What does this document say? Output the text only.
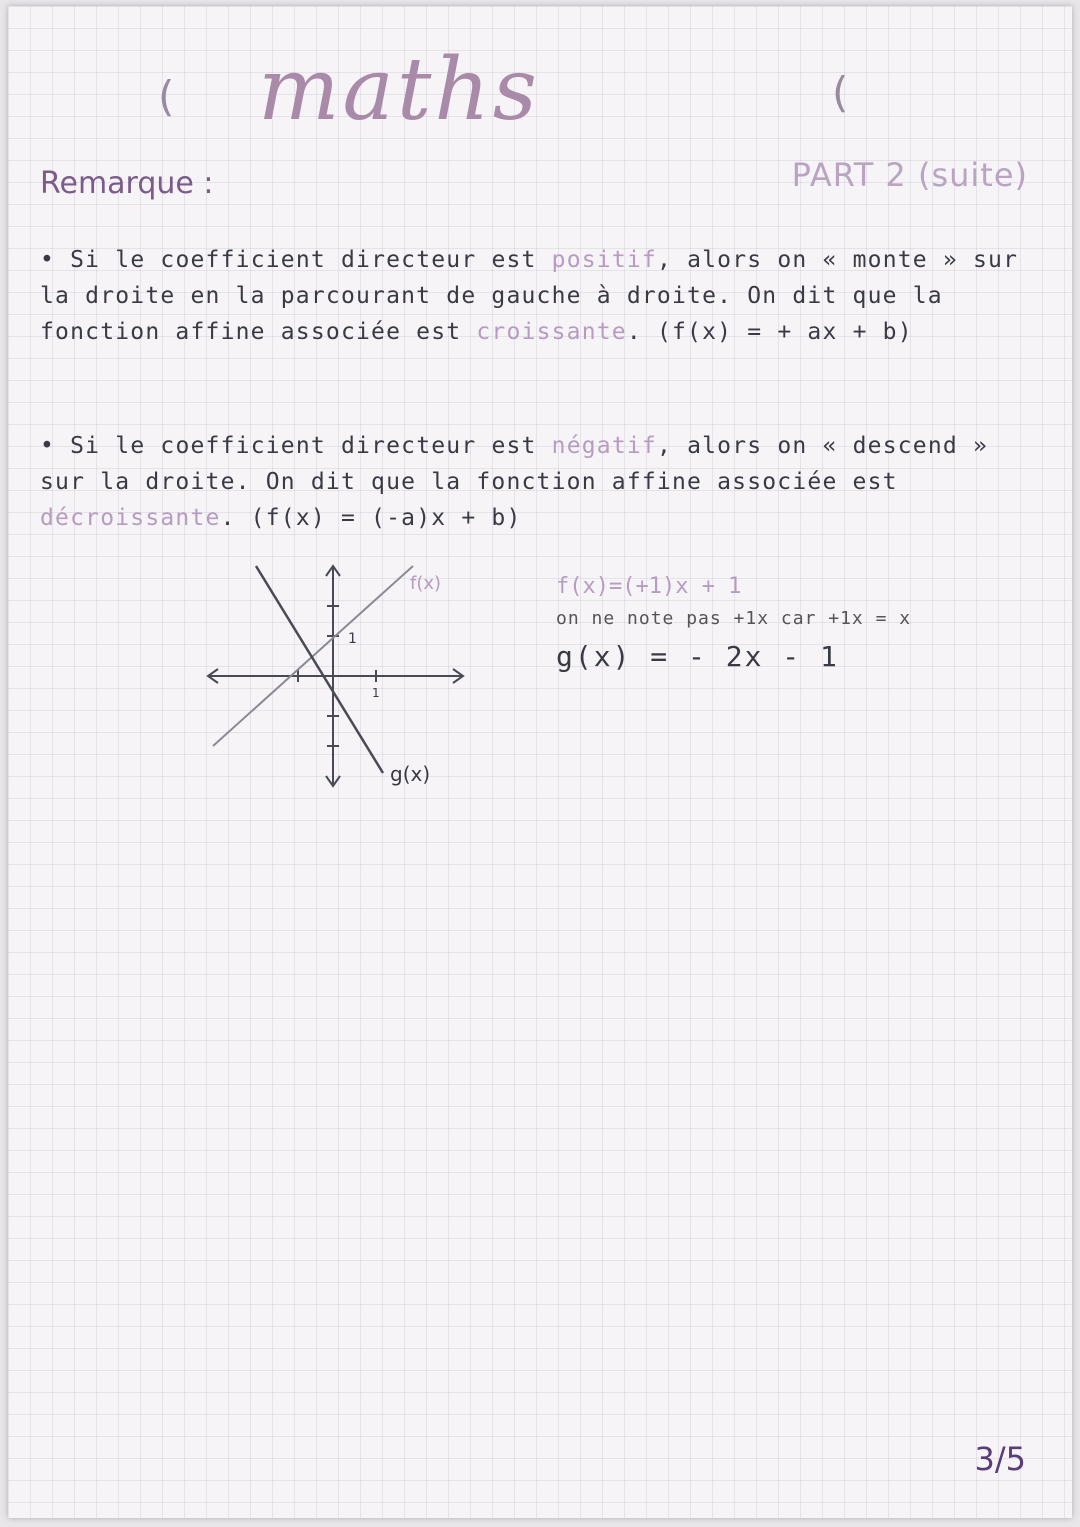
( maths	(
Remarque :	PART 2 (suite)
• Si le coefficient directeur est positif, alors on « monte » sur la droite en la parcourant de gauche à droite. On dit que la fonction affine associée est croissante. (f(x) = + ax + b)
• Si le coefficient directeur est négatif, alors on « descend » sur la droite. On dit que la fonction affine associée est décroissante. (f(x) = (-a)x + b)
f(x)
g(x)
1
1
f(x)=(+1)x + 1
on ne note pas +1x car +1x = x
g(x) = - 2x - 1
3/5
